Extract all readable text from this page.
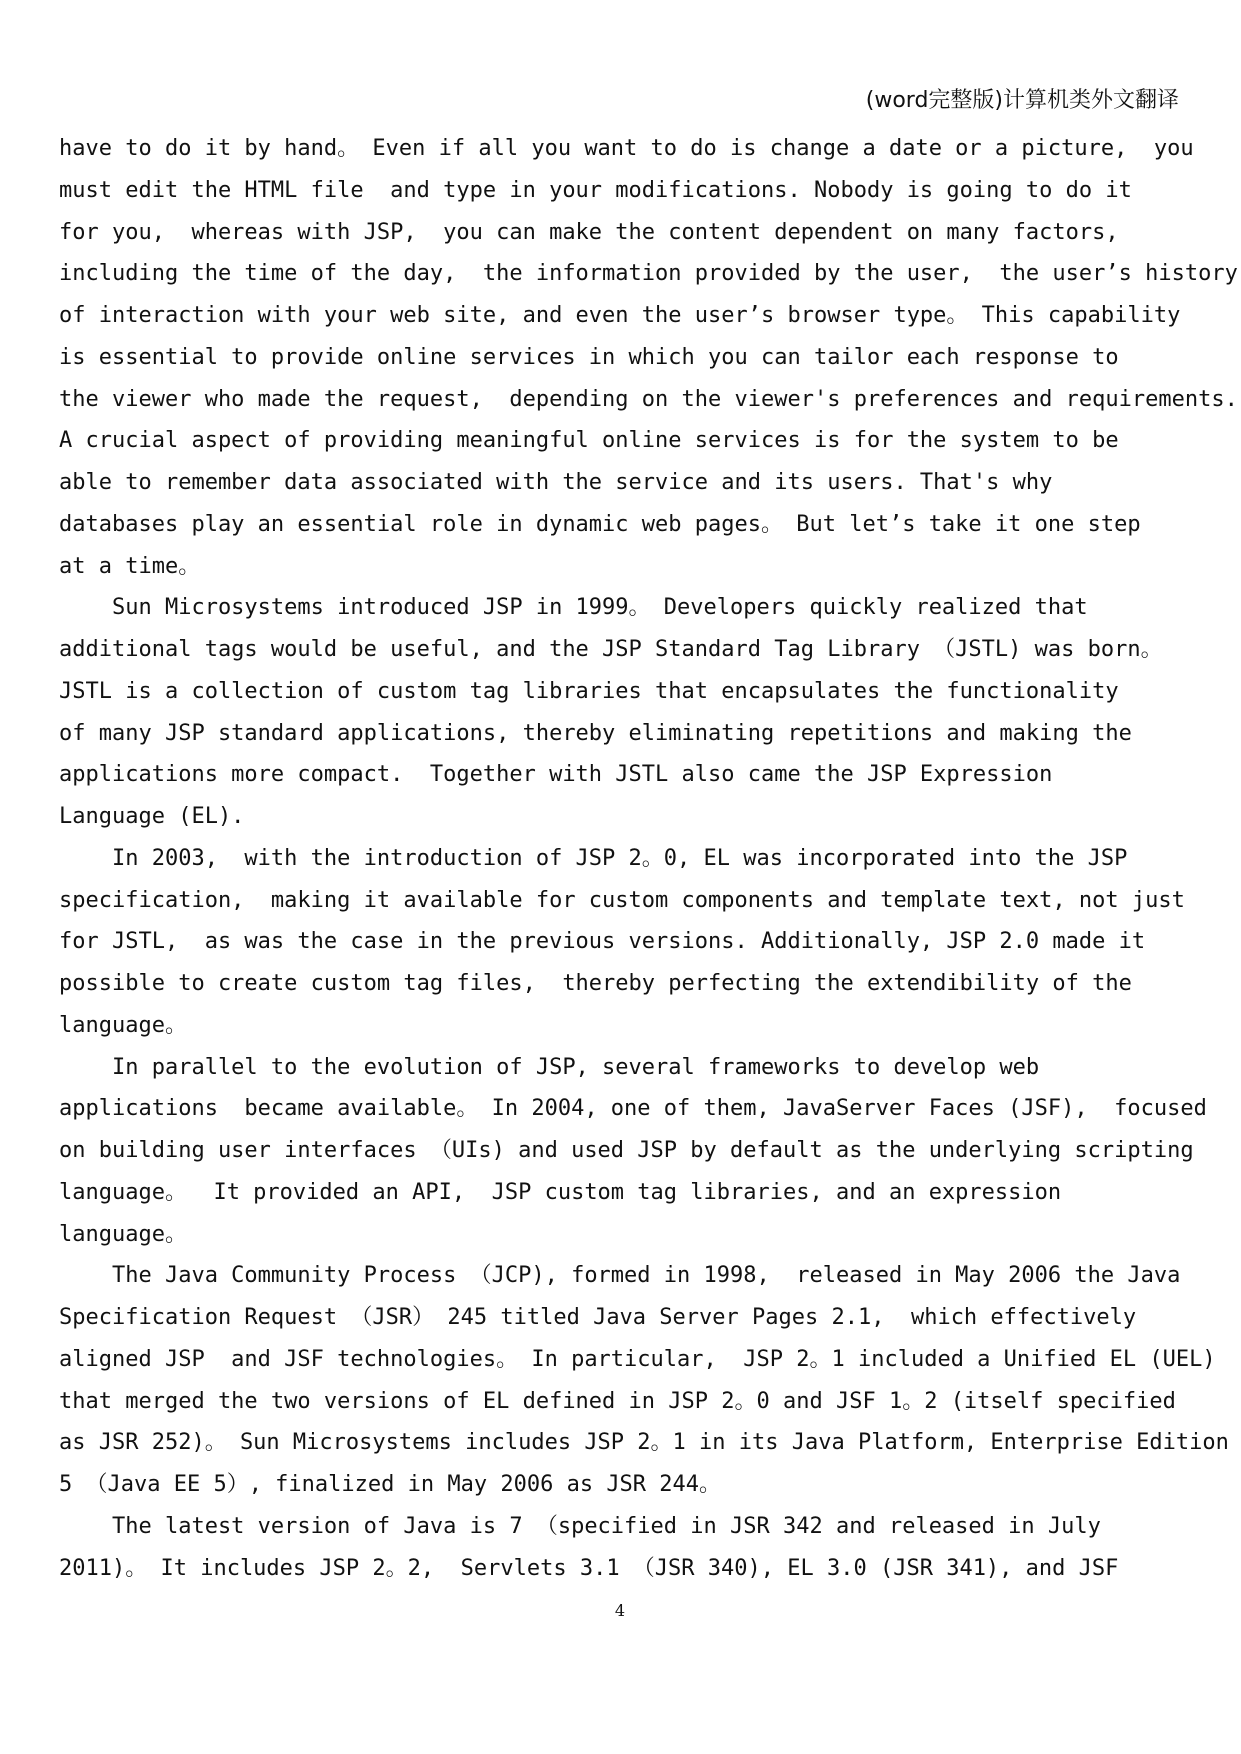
(word完整版)计算机类外文翻译
have to do it by hand。 Even if all you want to do is change a date or a picture,  you
must edit the HTML file  and type in your modifications. Nobody is going to do it
for you,  whereas with JSP,  you can make the content dependent on many factors,
including the time of the day,  the information provided by the user,  the user’s history
of interaction with your web site, and even the user’s browser type。 This capability
is essential to provide online services in which you can tailor each response to
the viewer who made the request,  depending on the viewer's preferences and requirements.
A crucial aspect of providing meaningful online services is for the system to be
able to remember data associated with the service and its users. That's why
databases play an essential role in dynamic web pages。 But let’s take it one step
at a time。
Sun Microsystems introduced JSP in 1999。 Developers quickly realized that
additional tags would be useful, and the JSP Standard Tag Library （JSTL) was born。
JSTL is a collection of custom tag libraries that encapsulates the functionality
of many JSP standard applications, thereby eliminating repetitions and making the
applications more compact.  Together with JSTL also came the JSP Expression
Language (EL).
In 2003,  with the introduction of JSP 2。0, EL was incorporated into the JSP
specification,  making it available for custom components and template text, not just
for JSTL,  as was the case in the previous versions. Additionally, JSP 2.0 made it
possible to create custom tag files,  thereby perfecting the extendibility of the
language。
In parallel to the evolution of JSP, several frameworks to develop web
applications  became available。 In 2004, one of them, JavaServer Faces (JSF),  focused
on building user interfaces （UIs) and used JSP by default as the underlying scripting
language。  It provided an API,  JSP custom tag libraries, and an expression
language。
The Java Community Process （JCP), formed in 1998,  released in May 2006 the Java
Specification Request （JSR） 245 titled Java Server Pages 2.1,  which effectively
aligned JSP  and JSF technologies。 In particular,  JSP 2。1 included a Unified EL (UEL)
that merged the two versions of EL defined in JSP 2。0 and JSF 1。2 (itself specified
as JSR 252)。 Sun Microsystems includes JSP 2。1 in its Java Platform, Enterprise Edition
5 （Java EE 5）, finalized in May 2006 as JSR 244。
The latest version of Java is 7 （specified in JSR 342 and released in July
2011)。 It includes JSP 2。2,  Servlets 3.1 （JSR 340), EL 3.0 (JSR 341), and JSF
4
